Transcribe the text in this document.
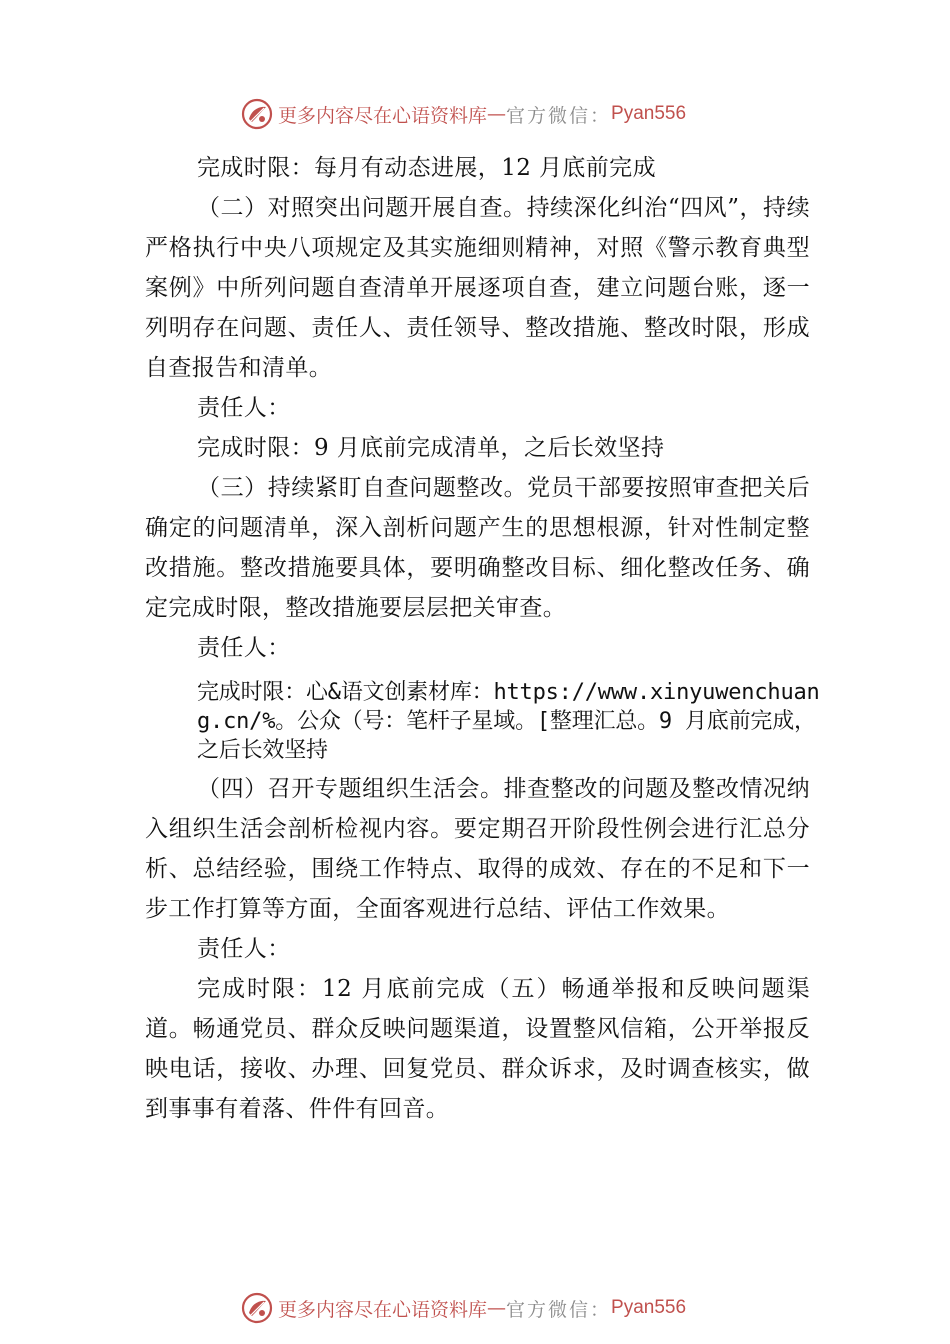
更多内容尽在心语资料库 — 官方微信： Pyan556

完成时限：每月有动态进展，12 月底前完成

（二）对照突出问题开展自查。持续深化纠治“四风”，持续严格执行中央八项规定及其实施细则精神，对照《警示教育典型案例》中所列问题自查清单开展逐项自查，建立问题台账，逐一列明存在问题、责任人、责任领导、整改措施、整改时限，形成自查报告和清单。

责任人：

完成时限：9 月底前完成清单，之后长效坚持

（三）持续紧盯自查问题整改。党员干部要按照审查把关后确定的问题清单，深入剖析问题产生的思想根源，针对性制定整改措施。整改措施要具体，要明确整改目标、细化整改任务、确定完成时限，整改措施要层层把关审查。

责任人：

完成时限：心&语文创素材库：https://www.xinyuwenchuang.cn/%。公众（号：笔杆子星域。[整理汇总。9 月底前完成，之后长效坚持

（四）召开专题组织生活会。排查整改的问题及整改情况纳入组织生活会剖析检视内容。要定期召开阶段性例会进行汇总分析、总结经验，围绕工作特点、取得的成效、存在的不足和下一步工作打算等方面，全面客观进行总结、评估工作效果。

责任人：

完成时限：12 月底前完成（五）畅通举报和反映问题渠道。畅通党员、群众反映问题渠道，设置整风信箱，公开举报反映电话，接收、办理、回复党员、群众诉求，及时调查核实，做到事事有着落、件件有回音。

更多内容尽在心语资料库 — 官方微信： Pyan556
